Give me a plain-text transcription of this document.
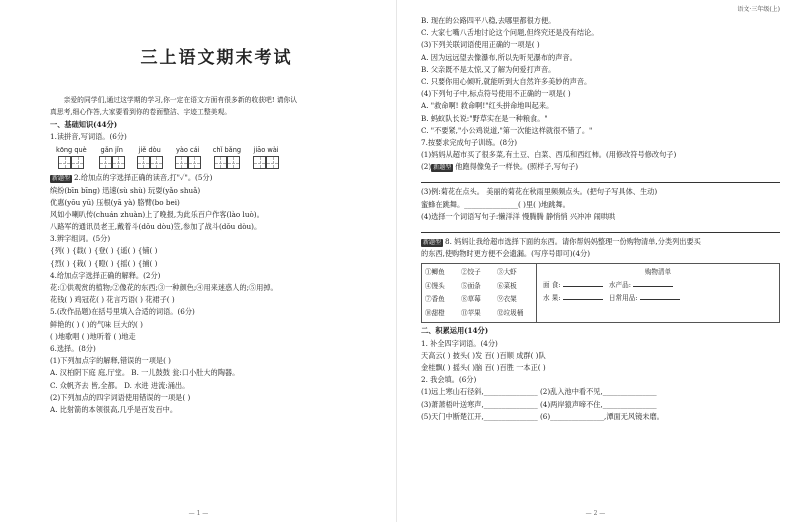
三上语文期末考试
亲爱的同学们,通过这学期的学习,你一定在语文方面有很多新的收获吧! 请你认
真思考,细心作答,大家要看到你的卷面整洁、字迹工整美观。
一、基础知识(44分)
1.读拼音,写词语。(6分)
kōng què gǎn jǐn jiě dòu yào cái chǐ bǎng jiāo wài
新题型 2.给加点的字选择正确的读音,打"✓"。(5分)
缤纷(bīn bīng) 迅速(sù shù) 玩耍(yǎo shuǎ)
优惠(yōu yū) 压根(yā yà) 胳臂(bo bei)
风如小喇叭传(chuán zhuàn)上了晚报,为此乐百户作客(lào luò)。
八路军的通讯员老王,戴着斗(dǒu dòu)笠,参加了战斗(dǒu dòu)。
3.辨字组词。(5分)
{列( ) {载( ) {登( ) {遥( ) {铺( )
{烈( ) {栽( ) {瞪( ) {摇( ) {捕( )
4.给加点字选择正确的解释。(2分)
花:①供观赏的植物;②像花的东西;③一种颜色;④用来迷惑人的;⑤用掉。
花钱( ) 鸡冠花( ) 花言巧语( ) 花裙子( )
5.(改作品题)在括号里填入合适的词语。(6分)
鲜艳的( ) ( )的气味 巨大的( )
( )地歌唱 ( )地听着 ( )地走
6.选择。(8分)
(1)下列加点字的解释,错误的一项是( )
A. 汉柏阴下庭 庭,厅堂。 B. 一儿鼓鼓 瓮:口小肚大的陶器。
C. 众帆齐去 皆,全都。 D. 水进 进流:涌出。
(2)下列加点的四字词语使用错误的一项是( )
A. 比射箭的本领很高,几乎是百发百中。
— 1 —
语文·三年级(上)
B. 现在的公路四平八稳,去哪里都很方便。
C. 大家七嘴八舌地讨论这个问题,但终究还是没有结论。
(3)下列关联词语使用正确的一项是( )
A. 因为远远望去像瀑布,所以先听见瀑布的声音。
B. 父亲既不是太惊,又了解为何爱打声音。
C. 只要你用心倾听,就能听到大自然许多美妙的声音。
(4)下列句子中,标点符号使用不正确的一项是( )
A. "救命啊! 救命啊!"红头拼命地叫起来。
B. 蚂蚁队长说:"野草实在是一种粮食。"
C. "不要紧,"小公鸡说道,"第一次能这样就很不错了。"
7.按要求完成句子训练。(8分)
(1)妈妈从超市买了很多菜,有土豆、白菜、西瓜和西红柿。(用修改符号修改句子)
(2) 新题型 他跑得像兔子一样快。(照样子,写句子)
(3)例:菊花在点头。 美丽的菊花在秋雨里频频点头。(把句子写具体、生动)
蜜蜂在跳舞。_______________( )里( )地跳舞。
(4)选择一个词语写句子:懒洋洋 慢腾腾 静悄悄 兴冲冲 闹哄哄
新题型 8. 妈妈让我给超市选择下面的东西。请你帮妈妈整理一份购物清单,分类列出要买
的东西,使购物时更方便不会遗漏。(写序号即可)(4分)
①鲫鱼	②饺子	③大虾
④馒头	⑤面条	⑥菜板
⑦香鱼	⑧草莓	⑨衣架
⑩甜橙	⑪苹果	⑫垃圾桶
购物清单
面 食:	水产品:
水 果:	日常用品:
二、积累运用(14分)
1. 补全四字词语。(4分)
天高云( ) 披头( )发 百( )百顺 成群( )队
金桂飘( ) 摇头( )脑 百( )百胜 一本正( )
2. 我会填。(6分)
(1)远上寒山石径斜,_______________ (2)乱入池中看不见,_______________
(3)萧萧梧叶送寒声,_______________ (4)两岸猿声啼不住,_______________
(5)天门中断楚江开,_______________ (6)_______________,潭面无风镜未磨。
— 2 —
